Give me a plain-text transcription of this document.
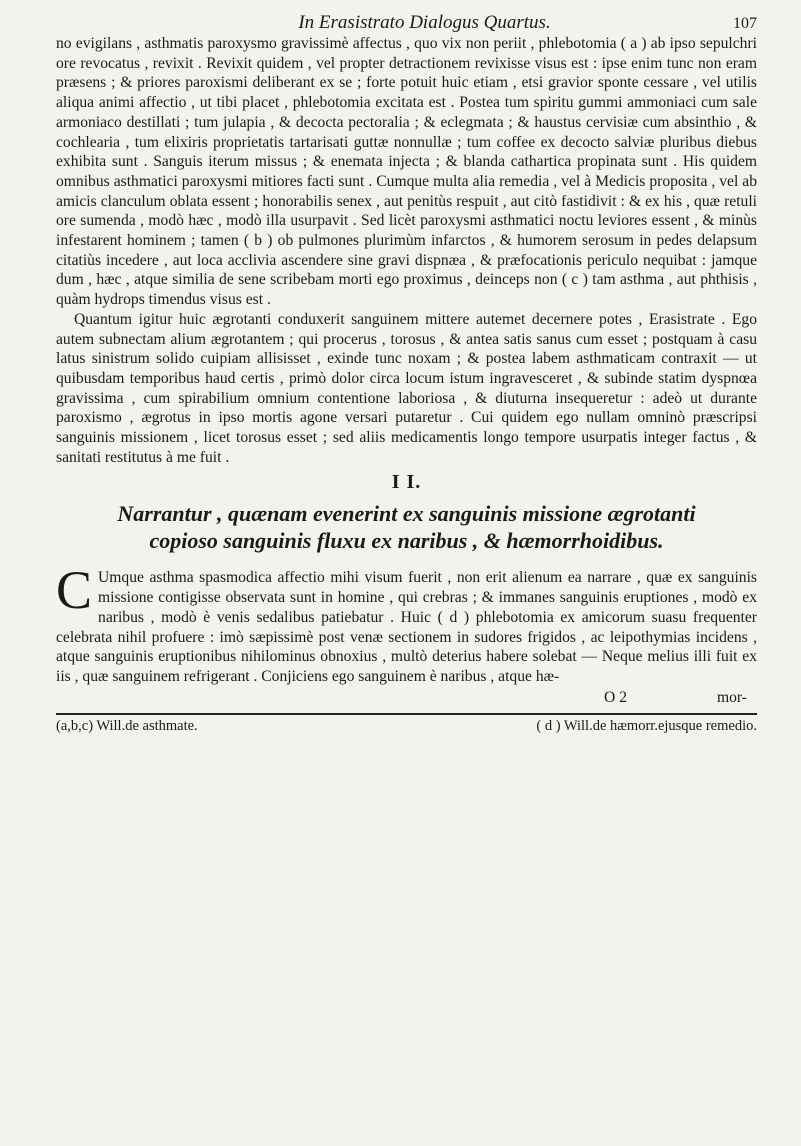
In Erasistrato Dialogus Quartus.	107

no evigilans , asthmatis paroxysmo gravissimè affectus , quo vix non periit , phlebotomia ( a ) ab ipso sepulchri ore revocatus , revixit . Revixit quidem , vel propter detractionem revixisse visus est : ipse enim tunc non eram præsens ; & priores paroxismi deliberant ex se ; forte potuit huic etiam , etsi gravior sponte cessare , vel utilis aliqua animi affectio , ut tibi placet , phlebotomia excitata est . Postea tum spiritu gummi ammoniaci cum sale armoniaco destillati ; tum julapia , & decocta pectoralia ; & eclegmata ; & haustus cervisiæ cum absinthio , & cochlearia , tum elixiris proprietatis tartarisati guttæ nonnullæ ; tum coffee ex decocto salviæ pluribus diebus exhibita sunt . Sanguis iterum missus ; & enemata injecta ; & blanda cathartica propinata sunt . His quidem omnibus asthmatici paroxysmi mitiores facti sunt . Cumque multa alia remedia , vel à Medicis proposita , vel ab amicis clanculum oblata essent ; honorabilis senex , aut penitùs respuit , aut citò fastidivit : & ex his , quæ retuli ore sumenda , modò hæc , modò illa usurpavit . Sed licèt paroxysmi asthmatici noctu leviores essent , & minùs infestarent hominem ; tamen ( b ) ob pulmones plurimùm infarctos , & humorem serosum in pedes delapsum citatiùs incedere , aut loca acclivia ascendere sine gravi dispnæa , & præfocationis periculo nequibat : jamque dum , hæc , atque similia de sene scribebam morti ego proximus , deinceps non ( c ) tam asthma , aut phthisis , quàm hydrops timendus visus est .

Quantum igitur huic ægrotanti conduxerit sanguinem mittere autemet decernere potes , Erasistrate . Ego autem subnectam alium ægrotantem ; qui procerus , torosus , & antea satis sanus cum esset ; postquam à casu latus sinistrum solido cuipiam allisisset , exinde tunc noxam ; & postea labem asthmaticam contraxit — ut quibusdam temporibus haud certis , primò dolor circa locum istum ingravesceret , & subinde statim dyspnœa gravissima , cum spirabilium omnium contentione laboriosa , & diuturna insequeretur : adeò ut durante paroxismo , ægrotus in ipso mortis agone versari putaretur . Cui quidem ego nullam omninò præscripsi sanguinis missionem , licet torosus esset ; sed aliis medicamentis longo tempore usurpatis integer factus , & sanitati restitutus à me fuit .

I I.
Narrantur , quænam evenerint ex sanguinis missione ægrotanti
copioso sanguinis fluxu ex naribus , & hæmorrhoidibus.
C Umque asthma spasmodica affectio mihi visum fuerit , non erit alienum ea narrare , quæ ex sanguinis missione contigisse observata sunt in homine , qui crebras ; & immanes sanguinis eruptiones , modò ex naribus , modò è venis sedalibus patiebatur . Huic ( d ) phlebotomia ex amicorum suasu frequenter celebrata nihil profuere : imò sæpissimè post venæ sectionem in sudores frigidos , ac leipothymias incidens , atque sanguinis eruptionibus nihilominus obnoxius , multò deterius habere solebat — Neque melius illi fuit ex iis , quæ sanguinem refrigerant . Conjiciens ego sanguinem è naribus , atque hæ-
O 2	mor-
(a,b,c) Will.de asthmate.	( d ) Will.de hæmorr.ejusque remedio.
